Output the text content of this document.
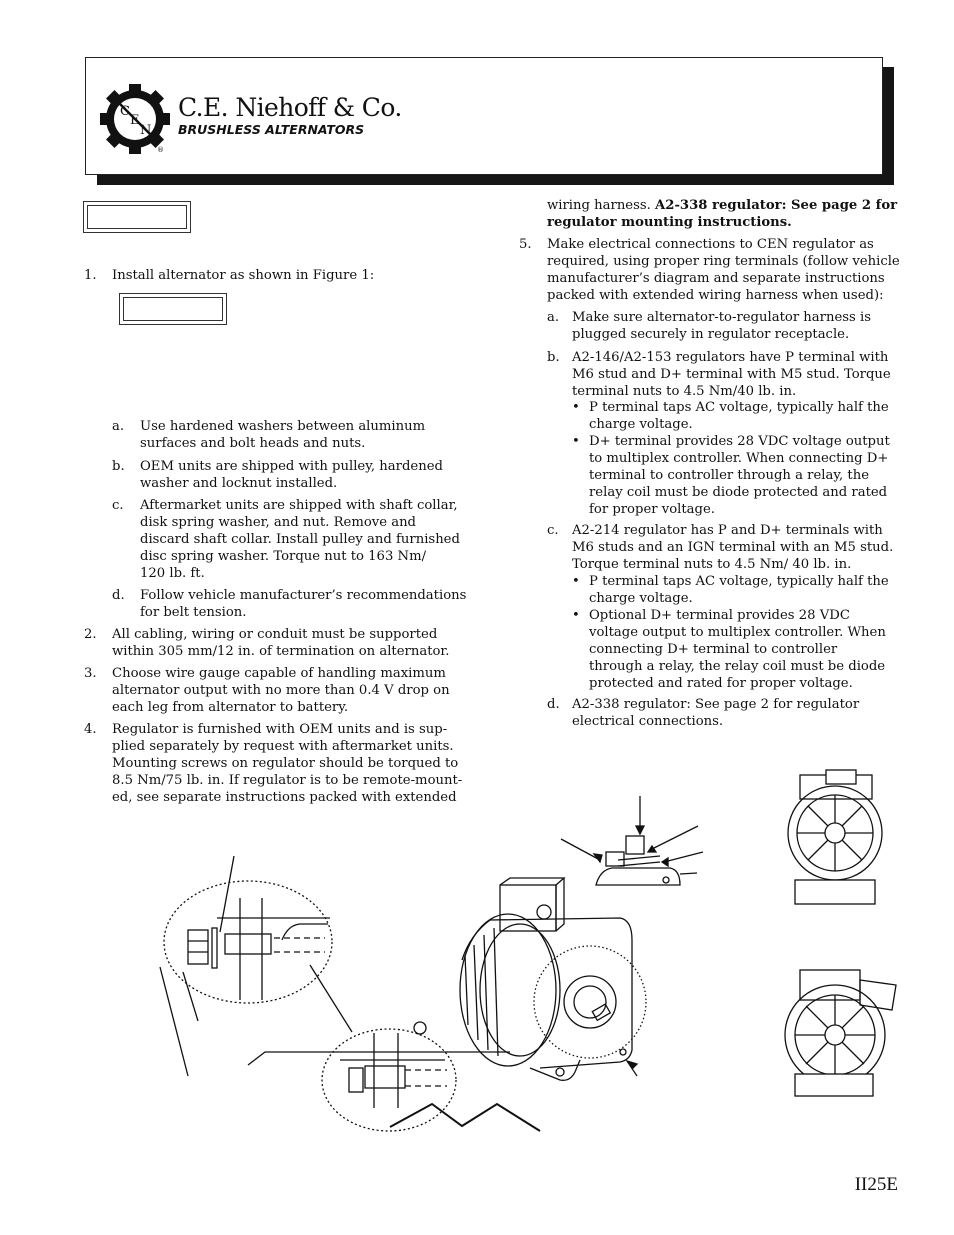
C
E
N
®
C.E. Niehoff & Co.
BRUSHLESS ALTERNATORS
1. Install alternator as shown in Figure 1:
a. Use hardened washers between aluminum
surfaces and bolt heads and nuts.
b. OEM units are shipped with pulley, hardened
washer and locknut installed.
c. Aftermarket units are shipped with shaft collar,
disk spring washer, and nut. Remove and
discard shaft collar. Install pulley and furnished
disc spring washer. Torque nut to 163 Nm/
120 lb. ft.
d. Follow vehicle manufacturer’s recommendations
for belt tension.
2. All cabling, wiring or conduit must be supported
within 305 mm/12 in. of termination on alternator.
3. Choose wire gauge capable of handling maximum
alternator output with no more than 0.4 V drop on
each leg from alternator to battery.
4. Regulator is furnished with OEM units and is sup-
plied separately by request with aftermarket units.
Mounting screws on regulator should be torqued to
8.5 Nm/75 lb. in. If regulator is to be remote-mount-
ed, see separate instructions packed with extended
wiring harness. A2-338 regulator: See page 2 for
regulator mounting instructions.
5. Make electrical connections to CEN regulator as
required, using proper ring terminals (follow vehicle
manufacturer’s diagram and separate instructions
packed with extended wiring harness when used):
a. Make sure alternator-to-regulator harness is
plugged securely in regulator receptacle.
b. A2-146/A2-153 regulators have P terminal with
M6 stud and D+ terminal with M5 stud. Torque
terminal nuts to 4.5 Nm/40 lb. in.
• P terminal taps AC voltage, typically half the
charge voltage.
• D+ terminal provides 28 VDC voltage output
to multiplex controller. When connecting D+
terminal to controller through a relay, the
relay coil must be diode protected and rated
for proper voltage.
c. A2-214 regulator has P and D+ terminals with
M6 studs and an IGN terminal with an M5 stud.
Torque terminal nuts to 4.5 Nm/ 40 lb. in.
• P terminal taps AC voltage, typically half the
charge voltage.
• Optional D+ terminal provides 28 VDC
voltage output to multiplex controller. When
connecting D+ terminal to controller
through a relay, the relay coil must be diode
protected and rated for proper voltage.
d. A2-338 regulator: See page 2 for regulator
electrical connections.
II25E
